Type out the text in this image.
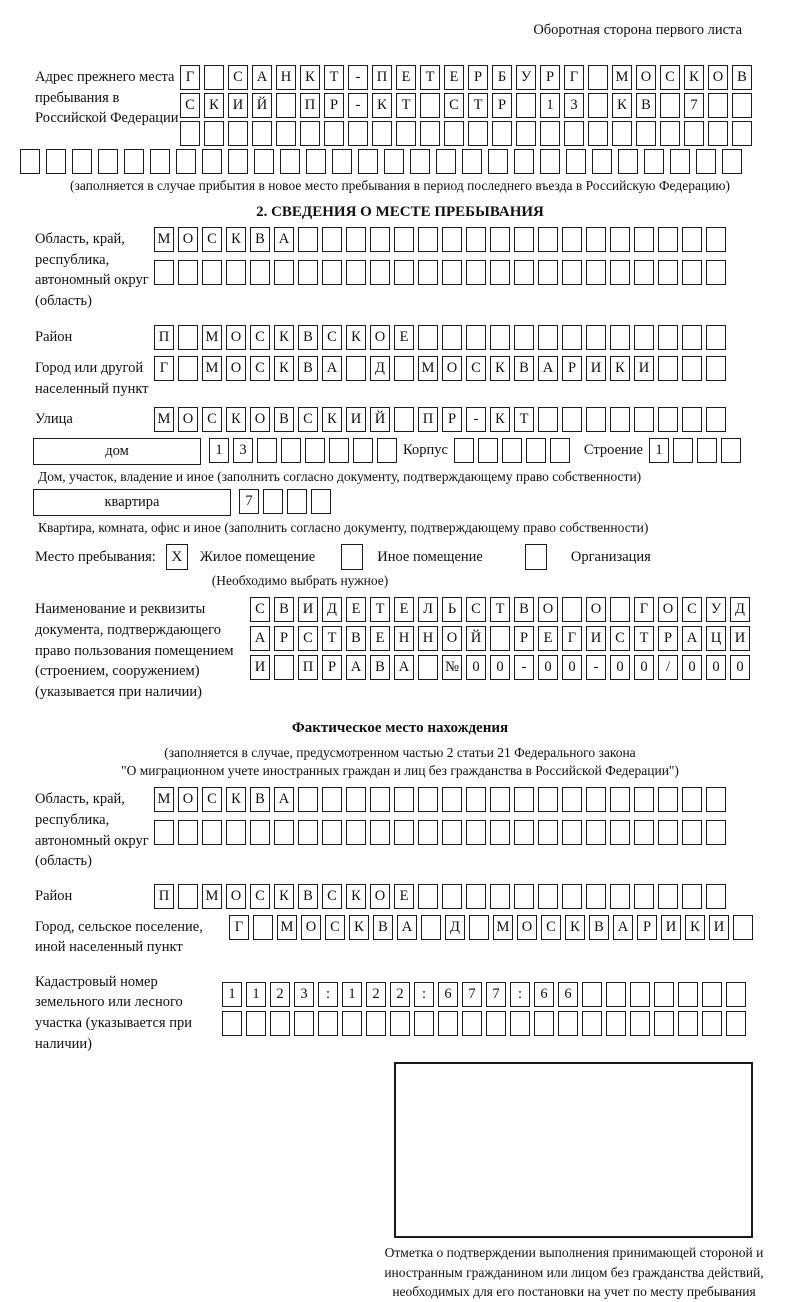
Оборотная сторона первого листа
Адрес прежнего места пребывания в Российской Федерации
Г	С А Н К	Т	-	П Е	Т	Е	Р	Б	У	Р	Г	М О С К О В
С К И Й	П	Р	-	К	Т	С	Т	Р	1	3	К В	7
(заполняется в случае прибытия в новое место пребывания в период последнего въезда в Российскую Федерацию)
2. СВЕДЕНИЯ О МЕСТЕ ПРЕБЫВАНИЯ
Область, край, республика, автономный округ (область)
М О С К В А
Район	П	М О С К В С К О Е
Город или другой населенный пункт
Г	М О С К В А	Д	М О С К В А	Р	И К И
Улица	М О С К О В С К И Й	П	Р	-	К	Т
дом	1	3	Корпус	Строение 1
Дом, участок, владение и иное (заполнить согласно документу, подтверждающему право собственности)
квартира	7
Квартира, комната, офис и иное (заполнить согласно документу, подтверждающему право собственности)
Место пребывания:	X	Жилое помещение	Иное помещение	Организация
(Необходимо выбрать нужное)
Наименование и реквизиты документа, подтверждающего право пользования помещением (строением, сооружением) (указывается при наличии)
С В И Д	Е	Т	Е	Л	Ь	С	Т	В О	О	Г	О С У Д
А	Р	С	Т	В	Е Н Н О Й	Р	Е	Г	И С	Т	Р	А Ц И
И	П	Р	А В А	№ 0	0	-	0	0	-	0	0	/	0	0	0
Фактическое место нахождения
(заполняется в случае, предусмотренном частью 2 статьи 21 Федерального закона
"О миграционном учете иностранных граждан и лиц без гражданства в Российской Федерации")
Область, край, республика, автономный округ (область)
М О С К В А
Район	П	М О С К В С К О Е
Город, сельское поселение, иной населенный пункт
Г	М О С К В А	Д	М О С К В А	Р	И К И
Кадастровый номер земельного или лесного участка (указывается при наличии)
1	1	2	3	:	1	2	2	:	6	7	7	:	6	6
Отметка о подтверждении выполнения принимающей стороной и иностранным гражданином или лицом без гражданства действий, необходимых для его постановки на учет по месту пребывания
